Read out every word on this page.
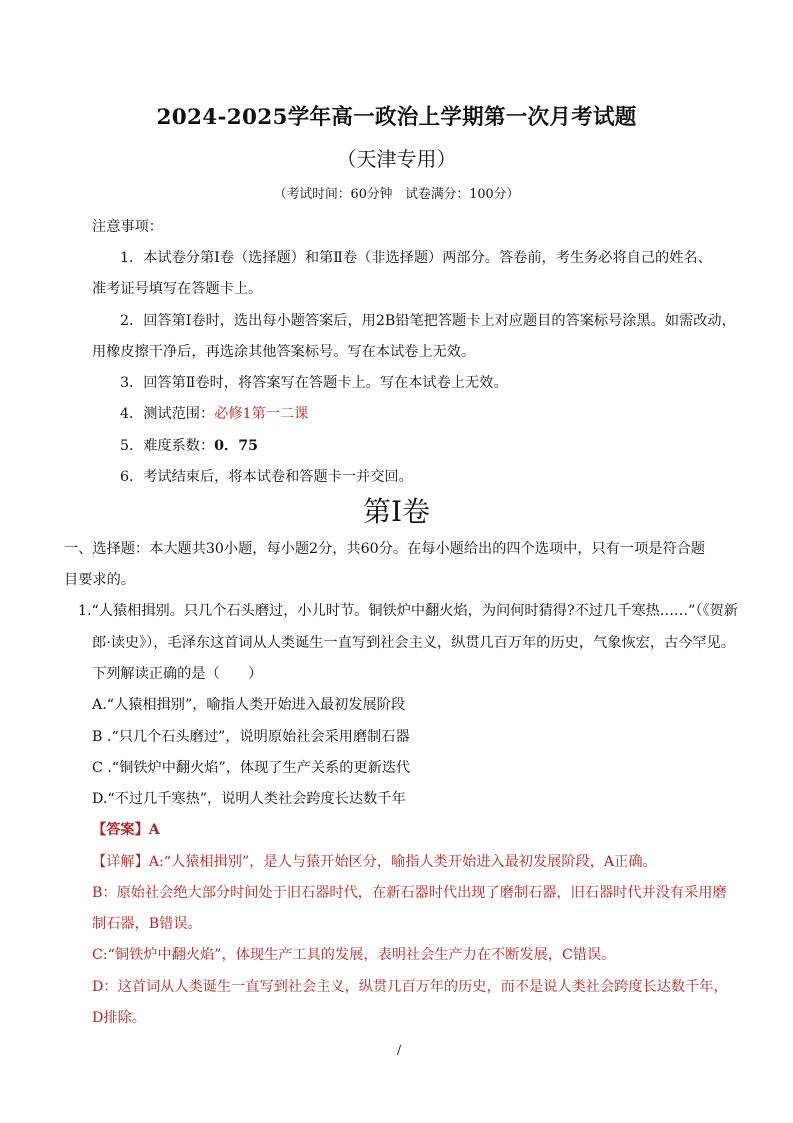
2024-2025学年高一政治上学期第一次月考试题
（天津专用）
（考试时间：60分钟　试卷满分：100分）
注意事项：
1．本试卷分第Ⅰ卷（选择题）和第Ⅱ卷（非选择题）两部分。答卷前，考生务必将自己的姓名、
准考证号填写在答题卡上。
2．回答第Ⅰ卷时，选出每小题答案后，用2B铅笔把答题卡上对应题目的答案标号涂黑。如需改动，
用橡皮擦干净后，再选涂其他答案标号。写在本试卷上无效。
3．回答第Ⅱ卷时，将答案写在答题卡上。写在本试卷上无效。
4．测试范围：必修1第一二课
5．难度系数：0．75
6．考试结束后，将本试卷和答题卡一并交回。
第Ⅰ卷
一、选择题：本大题共30小题，每小题2分，共60分。在每小题给出的四个选项中，只有一项是符合题
目要求的。
1.“人猿相揖别。只几个石头磨过，小儿时节。铜铁炉中翻火焰，为问何时猜得?不过几千寒热……”（《贺新
郎·读史》），毛泽东这首词从人类诞生一直写到社会主义，纵贯几百万年的历史，气象恢宏，古今罕见。
下列解读正确的是（　　）
A.“人猿相揖别”，喻指人类开始进入最初发展阶段
B .“只几个石头磨过”，说明原始社会采用磨制石器
C .“铜铁炉中翻火焰”，体现了生产关系的更新迭代
D.“不过几千寒热”，说明人类社会跨度长达数千年
【答案】A
【详解】A:“人猿相揖别”，是人与猿开始区分，喻指人类开始进入最初发展阶段，A正确。
B：原始社会绝大部分时间处于旧石器时代，在新石器时代出现了磨制石器，旧石器时代并没有采用磨
制石器，B错误。
C:“铜铁炉中翻火焰”，体现生产工具的发展，表明社会生产力在不断发展，C错误。
D：这首词从人类诞生一直写到社会主义，纵贯几百万年的历史，而不是说人类社会跨度长达数千年，
D排除。
/
